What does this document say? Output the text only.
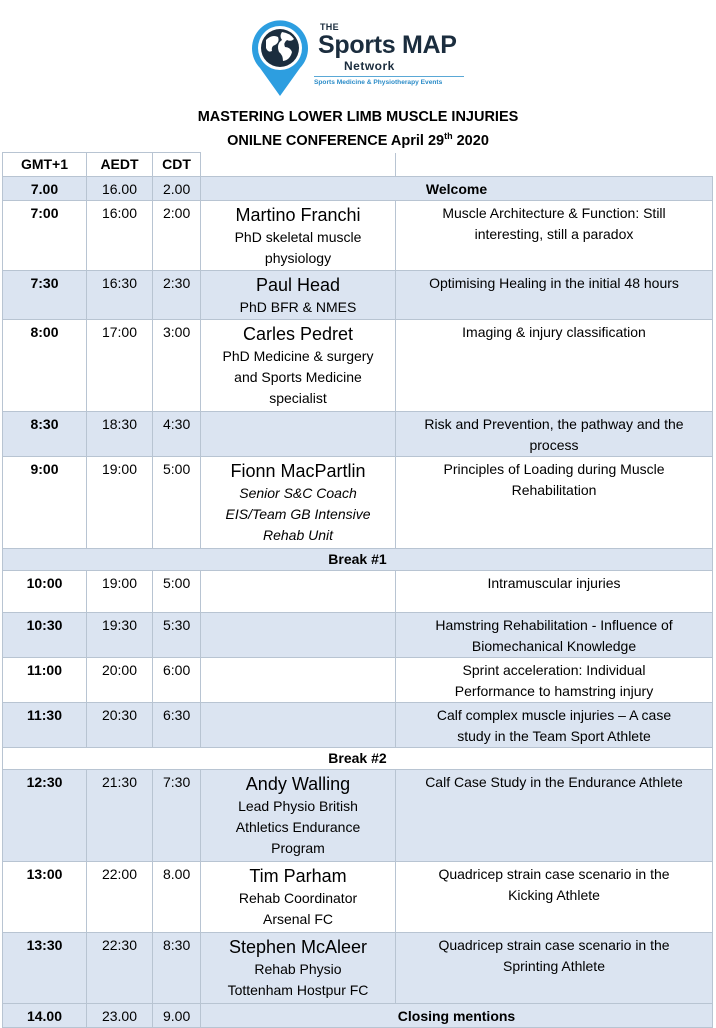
THE
Sports MAP
Network
Sports Medicine & Physiotherapy Events
MASTERING LOWER LIMB MUSCLE INJURIES
ONILNE CONFERENCE April 29th 2020
GMT+1	AEDT	CDT		
7.00	16.00	2.00	Welcome	
7:00	16:00	2:00	Martino Franchi
PhD skeletal muscle
physiology	Muscle Architecture & Function: Still
interesting, still a paradox

7:30	16:30	2:30	Paul Head
PhD BFR & NMES	Optimising Healing in the initial 48 hours

8:00	17:00	3:00	Carles Pedret
PhD Medicine & surgery
and Sports Medicine
specialist	Imaging & injury classification

8:30	18:30	4:30		Risk and Prevention, the pathway and the
process

9:00	19:00	5:00	Fionn MacPartlin
Senior S&C Coach
EIS/Team GB Intensive
Rehab Unit	Principles of Loading during Muscle
Rehabilitation

Break #1				
10:00	19:00	5:00		Intramuscular injuries

10:30	19:30	5:30		Hamstring Rehabilitation - Influence of
Biomechanical Knowledge

11:00	20:00	6:00		Sprint acceleration: Individual
Performance to hamstring injury

11:30	20:30	6:30		Calf complex muscle injuries – A case
study in the Team Sport Athlete

Break #2				
12:30	21:30	7:30	Andy Walling
Lead Physio British
Athletics Endurance
Program	Calf Case Study in the Endurance Athlete

13:00	22:00	8.00	Tim Parham
Rehab Coordinator
Arsenal FC	Quadricep strain case scenario in the
Kicking Athlete

13:30	22:30	8:30	Stephen McAleer
Rehab Physio
Tottenham Hostpur FC	Quadricep strain case scenario in the
Sprinting Athlete

14.00	23.00	9.00	Closing mentions	
